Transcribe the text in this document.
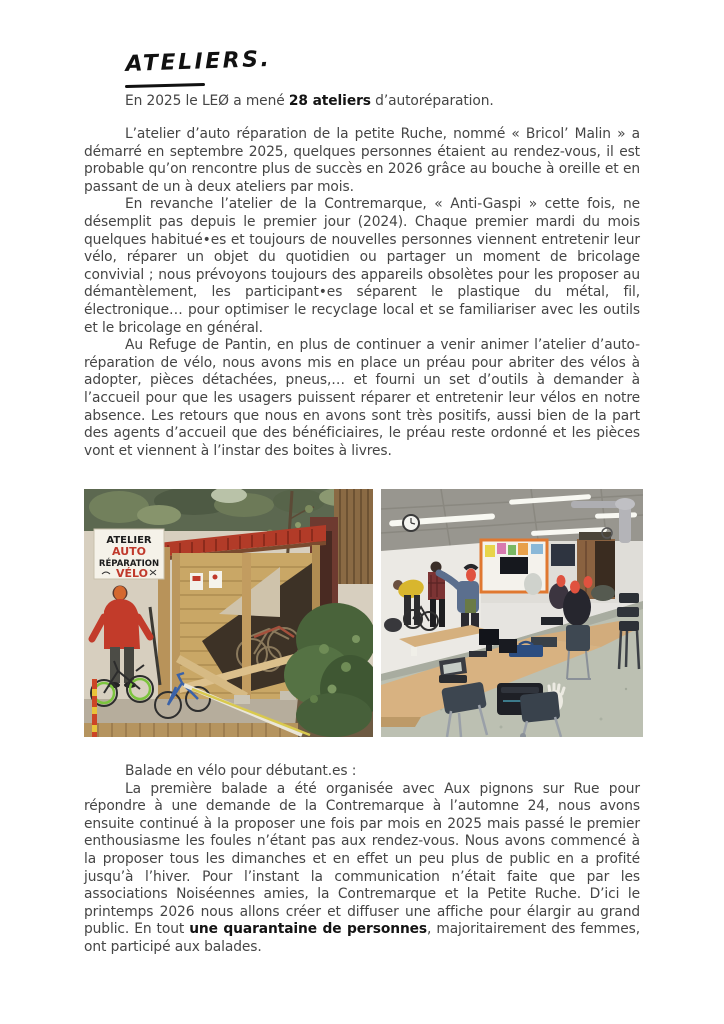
ATELIERS.

En 2025 le LEØ a mené 28 ateliers d’autoréparation.

L’atelier d’auto réparation de la petite Ruche, nommé « Bricol’ Malin » a démarré en septembre 2025, quelques personnes étaient au rendez-vous, il est probable qu’on rencontre plus de succès en 2026 grâce au bouche à oreille et en passant de un à deux ateliers par mois.

En revanche l’atelier de la Contremarque, « Anti-Gaspi » cette fois, ne désemplit pas depuis le premier jour (2024). Chaque premier mardi du mois quelques habitué•es et toujours de nouvelles personnes viennent entretenir leur vélo, réparer un objet du quotidien ou partager un moment de bricolage convivial ; nous prévoyons toujours des appareils obsolètes pour les proposer au démantèlement, les participant•es séparent le plastique du métal, fil, électronique… pour optimiser le recyclage local et se familiariser avec les outils et le bricolage en général.

Au Refuge de Pantin, en plus de continuer a venir animer l’atelier d’auto-réparation de vélo, nous avons mis en place un préau pour abriter des vélos à adopter, pièces détachées, pneus,… et fourni un set d’outils à demander à l’accueil pour que les usagers puissent réparer et entretenir leur vélos en notre absence. Les retours que nous en avons sont très positifs, aussi bien de la part des agents d’accueil que des bénéficiaires, le préau reste ordonné et les pièces vont et viennent à l’instar des boites à livres.

ATELIER
AUTO
RÉPARATION
VÉLO

Balade en vélo pour débutant.es :

La première balade a été organisée avec Aux pignons sur Rue pour répondre à une demande de la Contremarque à l’automne 24, nous avons ensuite continué à la proposer une fois par mois en 2025 mais passé le premier enthousiasme les foules n’étant pas aux rendez-vous. Nous avons commencé à la proposer tous les dimanches et en effet un peu plus de public en a profité jusqu’à l’hiver. Pour l’instant la communication n’était faite que par les associations Noiséennes amies, la Contremarque et la Petite Ruche. D’ici le printemps 2026 nous allons créer et diffuser une affiche pour élargir au grand public. En tout une quarantaine de personnes, majoritairement des femmes, ont participé aux balades.
